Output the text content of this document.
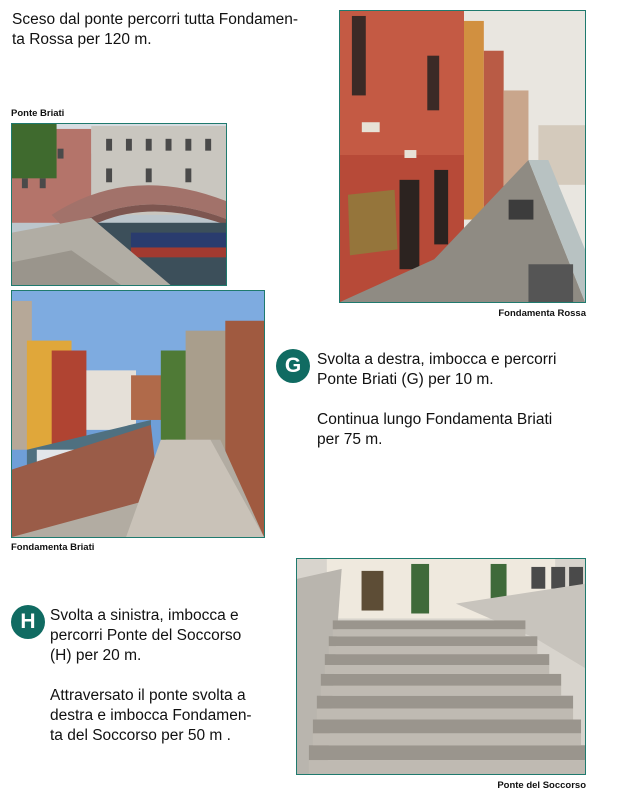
Sceso dal ponte percorri tutta Fondamen-
ta Rossa per 120 m.
Ponte Briati
Fondamenta Rossa
Fondamenta Briati
G	Svolta a destra, imbocca e percorri
Ponte Briati (G) per 10 m.
Continua lungo Fondamenta Briati
per 75 m.
H Svolta a sinistra, imbocca e
percorri Ponte del Soccorso
(H) per 20 m.
Attraversato il ponte svolta a
destra e imbocca Fondamen-
ta del Soccorso per 50 m .
Ponte del Soccorso
